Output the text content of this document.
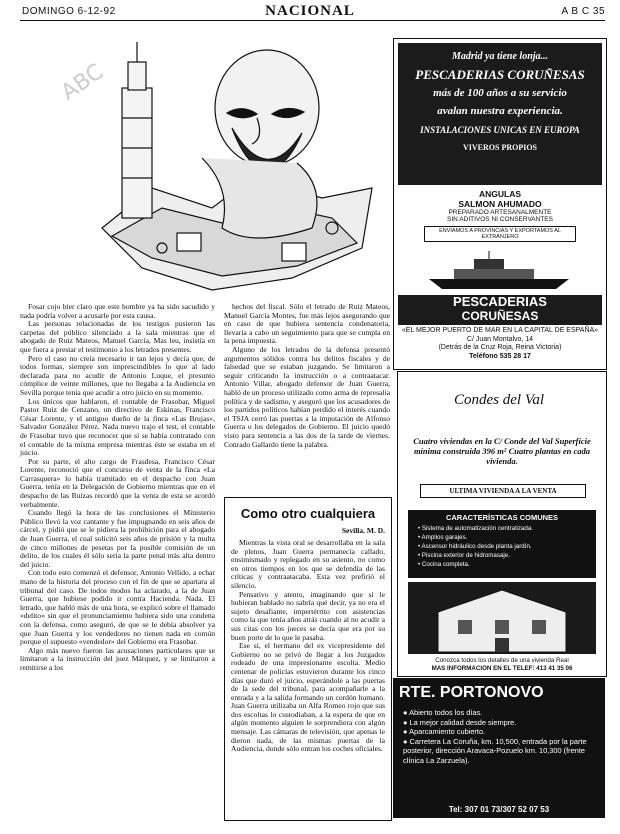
DOMINGO 6-12-92	NACIONAL	A B C 35
ABC

Fosar cojo bier claro que este hombre ya ha sido sacudido y nada podría volver a acusarle por esta causa.

Las personas relacionadas de los testigos pusieron las carpetas del público silenciado a la sala mientras que el abogado de Ruiz Mateos, Manuel García, Mas leu, insistía en que fuera a prestar el testimonio a los letrados presentes.

Pero el caso no creía necesario ir tan lejos y decía que, de todos formas, siempre son imprescindibles lo que al lado declarada para no acudir de Antonio Luque, el presunto cómplice de veinte millones, que no llegaba a la Audiencia en Sevilla porque tenía que acudir a otro juicio en su momento.

Los únicos que hablaron, el contable de Frasobar, Miguel Pastor Ruiz de Cenzano, un directivo de Eskinas, Francisco César Lorente, y el antiguo dueño de la finca «Las Brujas», Salvador González Pérez. Nada nuevo trajo el test, el contable de Frasobar tuvo que reconocer que sí se había contratado con el contable de la misma empresa mientras éste se estaba en el juicio.

Por su parte, el alto cargo de Frasdesa, Francisco César Lorente, reconoció que el concurso de venta de la finca «La Carrasquera» lo había tramitado en el despacho con Juan Guerra, tenía en la Delegación de Gobierno mientras que en el despacho de las Ruizas recordó que la venta de esta se acordó verbalmente.

Cuando llegó la hora de las conclusiones el Ministerio Público llevó la voz cantante y fue impugnando en seis años de cárcel, y pidió que se le pidiera la prohibición para el abogado de Juan Guerra, el cual solicitó seis años de prisión y la multa de cinco millones de pesetas por la posible comisión de un delito, de los cuales él sólo sería la parte penal más alta dentro del juicio.

Con todo esto comenzó el defensor, Antonio Vellido, a echar mano de la historia del proceso con el fin de que se apartara al tribunal del caso. De todos modos ha aclarado, a la de Juan Guerra, que hubiese podido ir contra Hacienda. Nada. El letrado, que habló más de una hora, se explicó sobre el llamado «delito» sin que el pronunciamiento hubiera sido una condena con la defensa, como aseguró, de que se le debía absolver ya que Juan Guerra y los vendedores no tienen nada en común porque el supuesto «vendedor» del Gobierno era Frasobar.

Algo más nuevo fueron las acusaciones particulares que se limitaron a la instrucción del juez Márquez, y se limitaron a remitirse a los

hechos del fiscal. Sólo el letrado de Ruiz Mateos, Manuel García Montes, fue más lejos asegurando que en caso de que hubiera sentencia condenatoria, llevaría a cabo un seguimiento para que se cumpla en la pena impuesta.

Alguno de los letrados de la defensa presentó argumentos sólidos contra los delitos fiscales y de falsedad que se estaban juzgando. Se limitaron a seguir criticando la instrucción o a contraatacar. Antonio Villar, abogado defensor de Juan Guerra, habló de un proceso utilizado como arma de represalia política y de sadismo, y aseguró que los acusadores de los partidos políticos habían perdido el interés cuando el TSJA cerró las puertas a la imputación de Alfonso Guerra o los delegados de Gobierno. El juicio quedó visto para sentencia a las dos de la tarde de viernes. Conrado Gallardo tiene la palabra.

Como otro cualquiera
Sevilla. M. D.

Mientras la vista oral se desarrollaba en la sala de plenos, Juan Guerra permanecía callado, ensimismado y replegado en su asiento, no como en otros tiempos en los que se defendía de las críticas y contraatacaba. Esta vez prefirió el silencio.

Pensativo y atento, imaginando que si le hubieran hablado no sabría qué decir, ya no era el sujeto desafiante, impertérrito con asistencias como la que tenía años atrás cuando al no acudir a sus citas con los jueces se decía que era por su buen porte de lo que le pasaba.

Ese sí, el hermano del ex vicepresidente del Gobierno no se privó de llegar a los Juzgados rodeado de una impresionante escolta. Medio centenar de policías estuvieron durante los cinco días que duró el juicio, esperándole a las puertas de la sede del tribunal, para acompañarle a la entrada y a la salida formando un cordón humano. Juan Guerra utilizaba un Alfa Romeo rojo que sus dos escoltas lo custodiaban, a la espera de que en algún momento alguien le sorprendiera con algún mensaje. Las cámaras de televisión, que apenas le dieron nada, de las mismas puertas de la Audiencia, donde sólo entran los coches oficiales.

Madrid ya tiene lonja...
PESCADERIAS CORUÑESAS
más de 100 años a su servicio
avalan nuestra experiencia.
INSTALACIONES UNICAS EN EUROPA
VIVEROS PROPIOS
ANGULAS
SALMON AHUMADO
PREPARADO ARTESANALMENTE
SIN ADITIVOS NI CONSERVANTES
ENVIAMOS A PROVINCIAS Y EXPORTAMOS AL EXTRANJERO
PESCADERIAS
CORUÑESAS
«EL MEJOR PUERTO DE MAR EN LA CAPITAL DE ESPAÑA»
C/ Juan Montalvo, 14
(Detrás de la Cruz Roja, Reina Victoria)
Teléfono 535 28 17
Condes del Val
Cuatro viviendas en la C/ Conde del Val Superficie mínima construida 396 m² Cuatro plantas en cada vivienda.
ULTIMA VIVIENDA A LA VENTA
CARACTERÍSTICAS COMUNES
• Sistema de automatización centralizada.
• Amplios garajes.
• Ascensor hidráulico desde planta jardín.
• Piscina exterior de hidromasaje.
• Cocina completa.
Conozca todos los detalles de una vivienda Real
MAS INFORMACION EN EL TELEF: 413 41 35 06
RTE. PORTONOVO
● Abierto todos los días.
● La mejor calidad desde siempre.
● Aparcamiento cubierto.
● Carretera La Coruña, km. 10,500, entrada por la parte posterior, dirección Aravaca-Pozuelo km. 10,300 (frente clínica La Zarzuela).
Tel: 307 01 73/307 52 07 53
